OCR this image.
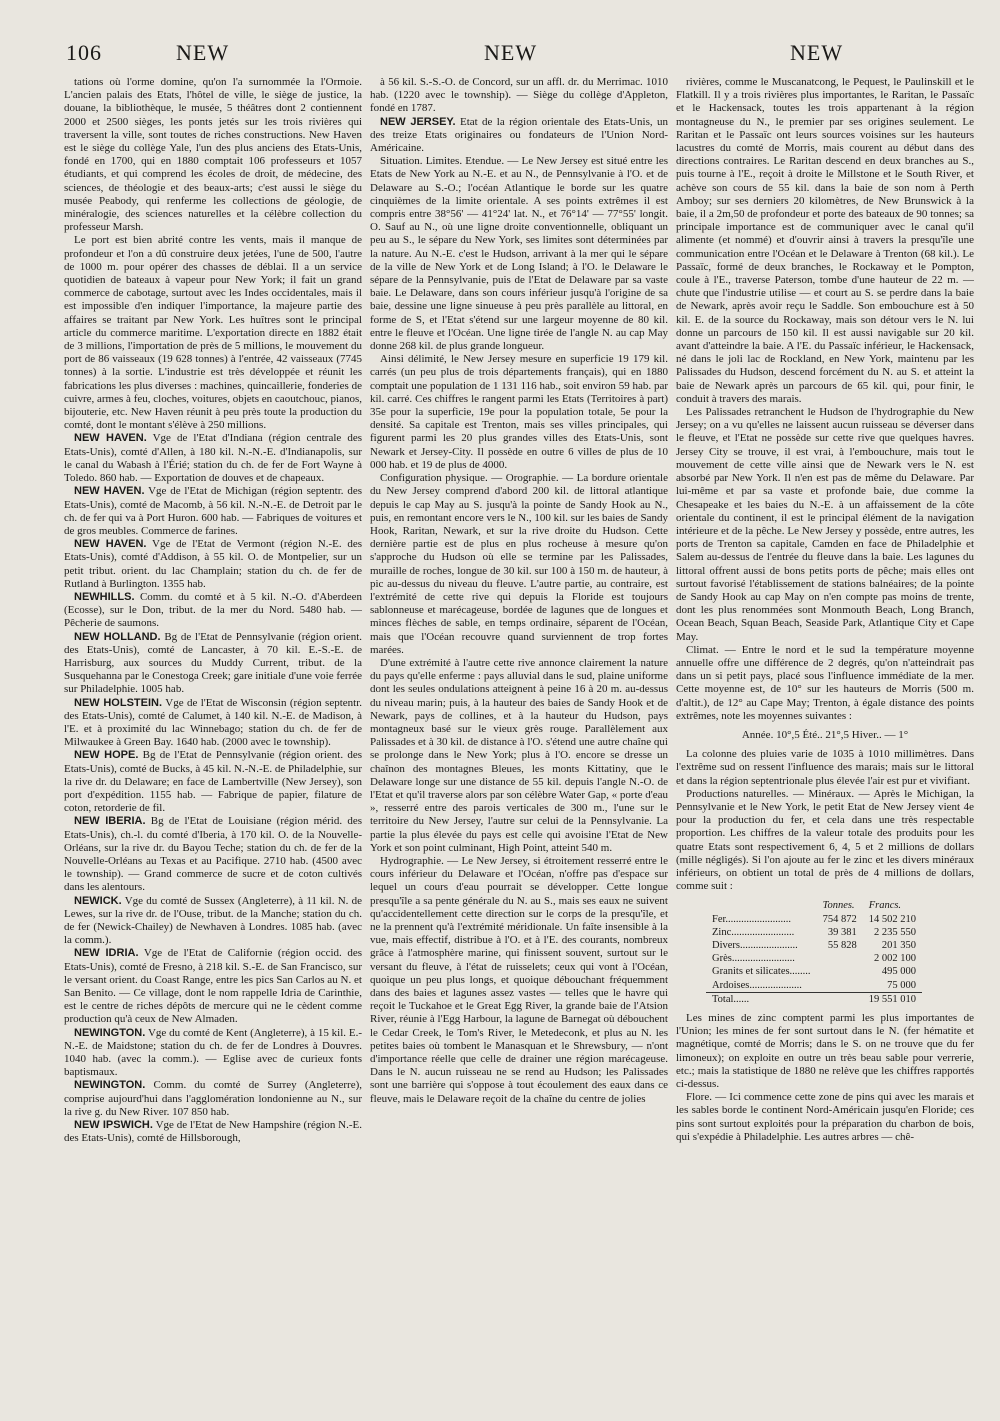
106	NEW	NEW	NEW

tations où l'orme domine, qu'on l'a surnommée la l'Ormoie. L'ancien palais des Etats, l'hôtel de ville, le siège de justice, la douane, la bibliothèque, le musée, 5 théâtres dont 2 contiennent 2000 et 2500 sièges, les ponts jetés sur les trois rivières qui traversent la ville, sont toutes de riches constructions. New Haven est le siège du collège Yale, l'un des plus anciens des Etats-Unis, fondé en 1700, qui en 1880 comptait 106 professeurs et 1057 étudiants, et qui comprend les écoles de droit, de médecine, des sciences, de théologie et des beaux-arts; c'est aussi le siège du musée Peabody, qui renferme les collections de géologie, de minéralogie, des sciences naturelles et la célèbre collection du professeur Marsh.

Le port est bien abrité contre les vents, mais il manque de profondeur et l'on a dû construire deux jetées, l'une de 500, l'autre de 1000 m. pour opérer des chasses de déblai. Il a un service quotidien de bateaux à vapeur pour New York; il fait un grand commerce de cabotage, surtout avec les Indes occidentales, mais il est impossible d'en indiquer l'importance, la majeure partie des affaires se traitant par New York. Les huîtres sont le principal article du commerce maritime. L'exportation directe en 1882 était de 3 millions, l'importation de près de 5 millions, le mouvement du port de 86 vaisseaux (19 628 tonnes) à l'entrée, 42 vaisseaux (7745 tonnes) à la sortie. L'industrie est très développée et réunit les fabrications les plus diverses : machines, quincaillerie, fonderies de cuivre, armes à feu, cloches, voitures, objets en caoutchouc, pianos, bijouterie, etc. New Haven réunit à peu près toute la production du comté, dont le montant s'élève à 250 millions.

NEW HAVEN. Vge de l'Etat d'Indiana (région centrale des Etats-Unis), comté d'Allen, à 180 kil. N.-N.-E. d'Indianapolis, sur le canal du Wabash à l'Érié; station du ch. de fer de Fort Wayne à Toledo. 860 hab. — Exportation de douves et de chapeaux.

NEW HAVEN. Vge de l'Etat de Michigan (région septentr. des Etats-Unis), comté de Macomb, à 56 kil. N.-N.-E. de Detroit par le ch. de fer qui va à Port Huron. 600 hab. — Fabriques de voitures et de gros meubles. Commerce de farines.

NEW HAVEN. Vge de l'Etat de Vermont (région N.-E. des Etats-Unis), comté d'Addison, à 55 kil. O. de Montpelier, sur un petit tribut. orient. du lac Champlain; station du ch. de fer de Rutland à Burlington. 1355 hab.

NEWHILLS. Comm. du comté et à 5 kil. N.-O. d'Aberdeen (Ecosse), sur le Don, tribut. de la mer du Nord. 5480 hab. — Pêcherie de saumons.

NEW HOLLAND. Bg de l'Etat de Pennsylvanie (région orient. des Etats-Unis), comté de Lancaster, à 70 kil. E.-S.-E. de Harrisburg, aux sources du Muddy Current, tribut. de la Susquehanna par le Conestoga Creek; gare initiale d'une voie ferrée sur Philadelphie. 1005 hab.

NEW HOLSTEIN. Vge de l'Etat de Wisconsin (région septentr. des Etats-Unis), comté de Calumet, à 140 kil. N.-E. de Madison, à l'E. et à proximité du lac Winnebago; station du ch. de fer de Milwaukee à Green Bay. 1640 hab. (2000 avec le township).

NEW HOPE. Bg de l'Etat de Pennsylvanie (région orient. des Etats-Unis), comté de Bucks, à 45 kil. N.-N.-E. de Philadelphie, sur la rive dr. du Delaware; en face de Lambertville (New Jersey), son port d'expédition. 1155 hab. — Fabrique de papier, filature de coton, retorderie de fil.

NEW IBERIA. Bg de l'Etat de Louisiane (région mérid. des Etats-Unis), ch.-l. du comté d'Iberia, à 170 kil. O. de la Nouvelle-Orléans, sur la rive dr. du Bayou Teche; station du ch. de fer de la Nouvelle-Orléans au Texas et au Pacifique. 2710 hab. (4500 avec le township). — Grand commerce de sucre et de coton cultivés dans les alentours.

NEWICK. Vge du comté de Sussex (Angleterre), à 11 kil. N. de Lewes, sur la rive dr. de l'Ouse, tribut. de la Manche; station du ch. de fer (Newick-Chailey) de Newhaven à Londres. 1085 hab. (avec la comm.).

NEW IDRIA. Vge de l'Etat de Californie (région occid. des Etats-Unis), comté de Fresno, à 218 kil. S.-E. de San Francisco, sur le versant orient. du Coast Range, entre les pics San Carlos au N. et San Benito. — Ce village, dont le nom rappelle Idria de Carinthie, est le centre de riches dépôts de mercure qui ne le cèdent comme production qu'à ceux de New Almaden.

NEWINGTON. Vge du comté de Kent (Angleterre), à 15 kil. E.-N.-E. de Maidstone; station du ch. de fer de Londres à Douvres. 1040 hab. (avec la comm.). — Eglise avec de curieux fonts baptismaux.

NEWINGTON. Comm. du comté de Surrey (Angleterre), comprise aujourd'hui dans l'agglomération londonienne au N., sur la rive g. du New River. 107 850 hab.

NEW IPSWICH. Vge de l'Etat de New Hampshire (région N.-E. des Etats-Unis), comté de Hillsborough,

à 56 kil. S.-S.-O. de Concord, sur un affl. dr. du Merrimac. 1010 hab. (1220 avec le township). — Siège du collège d'Appleton, fondé en 1787.

NEW JERSEY. Etat de la région orientale des Etats-Unis, un des treize Etats originaires ou fondateurs de l'Union Nord-Américaine.

Situation. Limites. Etendue. — Le New Jersey est situé entre les Etats de New York au N.-E. et au N., de Pennsylvanie à l'O. et de Delaware au S.-O.; l'océan Atlantique le borde sur les quatre cinquièmes de la limite orientale. A ses points extrêmes il est compris entre 38°56' — 41°24' lat. N., et 76°14' — 77°55' longit. O. Sauf au N., où une ligne droite conventionnelle, obliquant un peu au S., le sépare du New York, ses limites sont déterminées par la nature. Au N.-E. c'est le Hudson, arrivant à la mer qui le sépare de la ville de New York et de Long Island; à l'O. le Delaware le sépare de la Pennsylvanie, puis de l'Etat de Delaware par sa vaste baie. Le Delaware, dans son cours inférieur jusqu'à l'origine de sa baie, dessine une ligne sinueuse à peu près parallèle au littoral, en forme de S, et l'Etat s'étend sur une largeur moyenne de 80 kil. entre le fleuve et l'Océan. Une ligne tirée de l'angle N. au cap May donne 268 kil. de plus grande longueur.

Ainsi délimité, le New Jersey mesure en superficie 19 179 kil. carrés (un peu plus de trois départements français), qui en 1880 comptait une population de 1 131 116 hab., soit environ 59 hab. par kil. carré. Ces chiffres le rangent parmi les Etats (Territoires à part) 35e pour la superficie, 19e pour la population totale, 5e pour la densité. Sa capitale est Trenton, mais ses villes principales, qui figurent parmi les 20 plus grandes villes des Etats-Unis, sont Newark et Jersey-City. Il possède en outre 6 villes de plus de 10 000 hab. et 19 de plus de 4000.

Configuration physique. — Orographie. — La bordure orientale du New Jersey comprend d'abord 200 kil. de littoral atlantique depuis le cap May au S. jusqu'à la pointe de Sandy Hook au N., puis, en remontant encore vers le N., 100 kil. sur les baies de Sandy Hook, Raritan, Newark, et sur la rive droite du Hudson. Cette dernière partie est de plus en plus rocheuse à mesure qu'on s'approche du Hudson où elle se termine par les Palissades, muraille de roches, longue de 30 kil. sur 100 à 150 m. de hauteur, à pic au-dessus du niveau du fleuve. L'autre partie, au contraire, est l'extrémité de cette rive qui depuis la Floride est toujours sablonneuse et marécageuse, bordée de lagunes que de longues et minces flèches de sable, en temps ordinaire, séparent de l'Océan, mais que l'Océan recouvre quand surviennent de trop fortes marées.

D'une extrémité à l'autre cette rive annonce clairement la nature du pays qu'elle enferme : pays alluvial dans le sud, plaine uniforme dont les seules ondulations atteignent à peine 16 à 20 m. au-dessus du niveau marin; puis, à la hauteur des baies de Sandy Hook et de Newark, pays de collines, et à la hauteur du Hudson, pays montagneux basé sur le vieux grès rouge. Parallèlement aux Palissades et à 30 kil. de distance à l'O. s'étend une autre chaîne qui se prolonge dans le New York; plus à l'O. encore se dresse un chaînon des montagnes Bleues, les monts Kittatiny, que le Delaware longe sur une distance de 55 kil. depuis l'angle N.-O. de l'Etat et qu'il traverse alors par son célèbre Water Gap, « porte d'eau », resserré entre des parois verticales de 300 m., l'une sur le territoire du New Jersey, l'autre sur celui de la Pennsylvanie. La partie la plus élevée du pays est celle qui avoisine l'Etat de New York et son point culminant, High Point, atteint 540 m.

Hydrographie. — Le New Jersey, si étroitement resserré entre le cours inférieur du Delaware et l'Océan, n'offre pas d'espace sur lequel un cours d'eau pourrait se développer. Cette longue presqu'île a sa pente générale du N. au S., mais ses eaux ne suivent qu'accidentellement cette direction sur le corps de la presqu'île, et ne la prennent qu'à l'extrémité méridionale. Un faîte insensible à la vue, mais effectif, distribue à l'O. et à l'E. des courants, nombreux grâce à l'atmosphère marine, qui finissent souvent, surtout sur le versant du fleuve, à l'état de ruisselets; ceux qui vont à l'Océan, quoique un peu plus longs, et quoique débouchant fréquemment dans des baies et lagunes assez vastes — telles que le havre qui reçoit le Tuckahoe et le Great Egg River, la grande baie de l'Atsion River, réunie à l'Egg Harbour, la lagune de Barnegat où débouchent le Cedar Creek, le Tom's River, le Metedeconk, et plus au N. les petites baies où tombent le Manasquan et le Shrewsbury, — n'ont d'importance réelle que celle de drainer une région marécageuse. Dans le N. aucun ruisseau ne se rend au Hudson; les Palissades sont une barrière qui s'oppose à tout écoulement des eaux dans ce fleuve, mais le Delaware reçoit de la chaîne du centre de jolies

rivières, comme le Muscanatcong, le Pequest, le Paulinskill et le Flatkill. Il y a trois rivières plus importantes, le Raritan, le Passaïc et le Hackensack, toutes les trois appartenant à la région montagneuse du N., le premier par ses origines seulement. Le Raritan et le Passaïc ont leurs sources voisines sur les hauteurs lacustres du comté de Morris, mais courent au début dans des directions contraires. Le Raritan descend en deux branches au S., puis tourne à l'E., reçoit à droite le Millstone et le South River, et achève son cours de 55 kil. dans la baie de son nom à Perth Amboy; sur ses derniers 20 kilomètres, de New Brunswick à la baie, il a 2m,50 de profondeur et porte des bateaux de 90 tonnes; sa principale importance est de communiquer avec le canal qu'il alimente (et nommé) et d'ouvrir ainsi à travers la presqu'île une communication entre l'Océan et le Delaware à Trenton (68 kil.). Le Passaïc, formé de deux branches, le Rockaway et le Pompton, coule à l'E., traverse Paterson, tombe d'une hauteur de 22 m. — chute que l'industrie utilise — et court au S. se perdre dans la baie de Newark, après avoir reçu le Saddle. Son embouchure est à 50 kil. E. de la source du Rockaway, mais son détour vers le N. lui donne un parcours de 150 kil. Il est aussi navigable sur 20 kil. avant d'atteindre la baie. A l'E. du Passaïc inférieur, le Hackensack, né dans le joli lac de Rockland, en New York, maintenu par les Palissades du Hudson, descend forcément du N. au S. et atteint la baie de Newark après un parcours de 65 kil. qui, pour finir, le conduit à travers des marais.

Les Palissades retranchent le Hudson de l'hydrographie du New Jersey; on a vu qu'elles ne laissent aucun ruisseau se déverser dans le fleuve, et l'Etat ne possède sur cette rive que quelques havres. Jersey City se trouve, il est vrai, à l'embouchure, mais tout le mouvement de cette ville ainsi que de Newark vers le N. est absorbé par New York. Il n'en est pas de même du Delaware. Par lui-même et par sa vaste et profonde baie, due comme la Chesapeake et les baies du N.-E. à un affaissement de la côte orientale du continent, il est le principal élément de la navigation intérieure et de la pêche. Le New Jersey y possède, entre autres, les ports de Trenton sa capitale, Camden en face de Philadelphie et Salem au-dessus de l'entrée du fleuve dans la baie. Les lagunes du littoral offrent aussi de bons petits ports de pêche; mais elles ont surtout favorisé l'établissement de stations balnéaires; de la pointe de Sandy Hook au cap May on n'en compte pas moins de trente, dont les plus renommées sont Monmouth Beach, Long Branch, Ocean Beach, Squan Beach, Seaside Park, Atlantique City et Cape May.

Climat. — Entre le nord et le sud la température moyenne annuelle offre une différence de 2 degrés, qu'on n'atteindrait pas dans un si petit pays, placé sous l'influence immédiate de la mer. Cette moyenne est, de 10° sur les hauteurs de Morris (500 m. d'altit.), de 12° au Cape May; Trenton, à égale distance des points extrêmes, note les moyennes suivantes :

Année. 10°,5 Été.. 21°,5 Hiver.. — 1°

La colonne des pluies varie de 1035 à 1010 millimètres. Dans l'extrême sud on ressent l'influence des marais; mais sur le littoral et dans la région septentrionale plus élevée l'air est pur et vivifiant.

Productions naturelles. — Minéraux. — Après le Michigan, la Pennsylvanie et le New York, le petit Etat de New Jersey vient 4e pour la production du fer, et cela dans une très respectable proportion. Les chiffres de la valeur totale des produits pour les quatre Etats sont respectivement 6, 4, 5 et 2 millions de dollars (mille négligés). Si l'on ajoute au fer le zinc et les divers minéraux inférieurs, on obtient un total de près de 4 millions de dollars, comme suit :

	Tonnes.	Francs.
Fer.........................	754 872	14 502 210
Zinc........................	39 381	2 235 550
Divers......................	55 828	201 350
Grès........................		2 002 100
Granits et silicates........		495 000
Ardoises....................		75 000
Total......		19 551 010

Les mines de zinc comptent parmi les plus importantes de l'Union; les mines de fer sont surtout dans le N. (fer hématite et magnétique, comté de Morris; dans le S. on ne trouve que du fer limoneux); on exploite en outre un très beau sable pour verrerie, etc.; mais la statistique de 1880 ne relève que les chiffres rapportés ci-dessus.

Flore. — Ici commence cette zone de pins qui avec les marais et les sables borde le continent Nord-Américain jusqu'en Floride; ces pins sont surtout exploités pour la préparation du charbon de bois, qui s'expédie à Philadelphie. Les autres arbres — chê-
